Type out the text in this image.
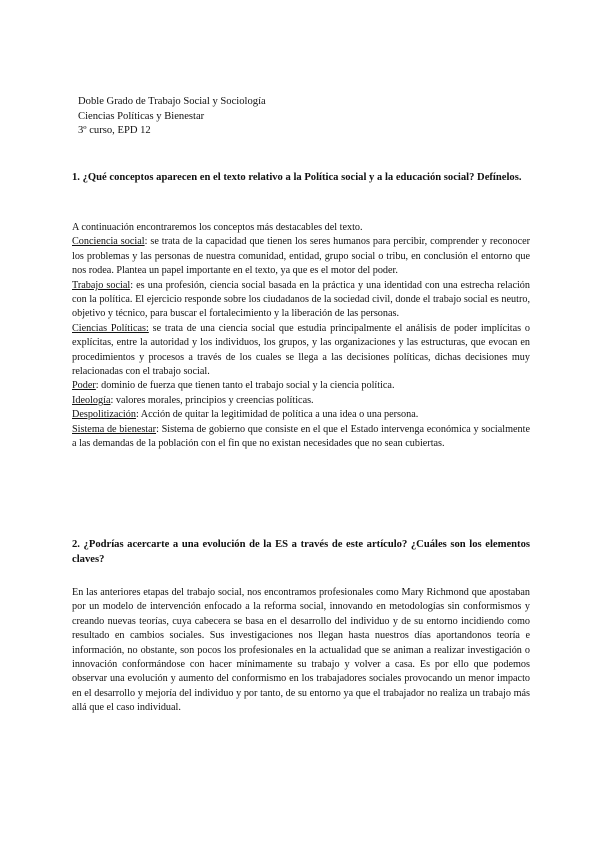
Doble Grado de Trabajo Social y Sociología
Ciencias Políticas y Bienestar
3º curso, EPD 12
1. ¿Qué conceptos aparecen en el texto relativo a la Política social y a la educación social? Defínelos.

A continuación encontraremos los conceptos más destacables del texto.

Conciencia social: se trata de la capacidad que tienen los seres humanos para percibir, comprender y reconocer los problemas y las personas de nuestra comunidad, entidad, grupo social o tribu, en conclusión el entorno que nos rodea. Plantea un papel importante en el texto, ya que es el motor del poder.

Trabajo social: es una profesión, ciencia social basada en la práctica y una identidad con una estrecha relación con la política. El ejercicio responde sobre los ciudadanos de la sociedad civil, donde el trabajo social es neutro, objetivo y técnico, para buscar el fortalecimiento y la liberación de las personas.

Ciencias Políticas: se trata de una ciencia social que estudia principalmente el análisis de poder implícitas o explícitas, entre la autoridad y los individuos, los grupos, y las organizaciones y las estructuras, que evocan en procedimientos y procesos a través de los cuales se llega a las decisiones políticas, dichas decisiones muy relacionadas con el trabajo social.

Poder: dominio de fuerza que tienen tanto el trabajo social y la ciencia política.

Ideología: valores morales, principios y creencias políticas.

Despolitización: Acción de quitar la legitimidad de política a una idea o una persona.

Sistema de bienestar: Sistema de gobierno que consiste en el que el Estado intervenga económica y socialmente a las demandas de la población con el fin que no existan necesidades que no sean cubiertas.

2. ¿Podrías acercarte a una evolución de la ES a través de este artículo? ¿Cuáles son los elementos claves?

En las anteriores etapas del trabajo social, nos encontramos profesionales como Mary Richmond que apostaban por un modelo de intervención enfocado a la reforma social, innovando en metodologías sin conformismos y creando nuevas teorías, cuya cabecera se basa en el desarrollo del individuo y de su entorno incidiendo como resultado en cambios sociales. Sus investigaciones nos llegan hasta nuestros días aportandonos teoría e información, no obstante, son pocos los profesionales en la actualidad que se animan a realizar investigación o innovación conformándose con hacer mínimamente su trabajo y volver a casa. Es por ello que podemos observar una evolución y aumento del conformismo en los trabajadores sociales provocando un menor impacto en el desarrollo y mejoría del individuo y por tanto, de su entorno ya que el trabajador no realiza un trabajo más allá que el caso individual.
